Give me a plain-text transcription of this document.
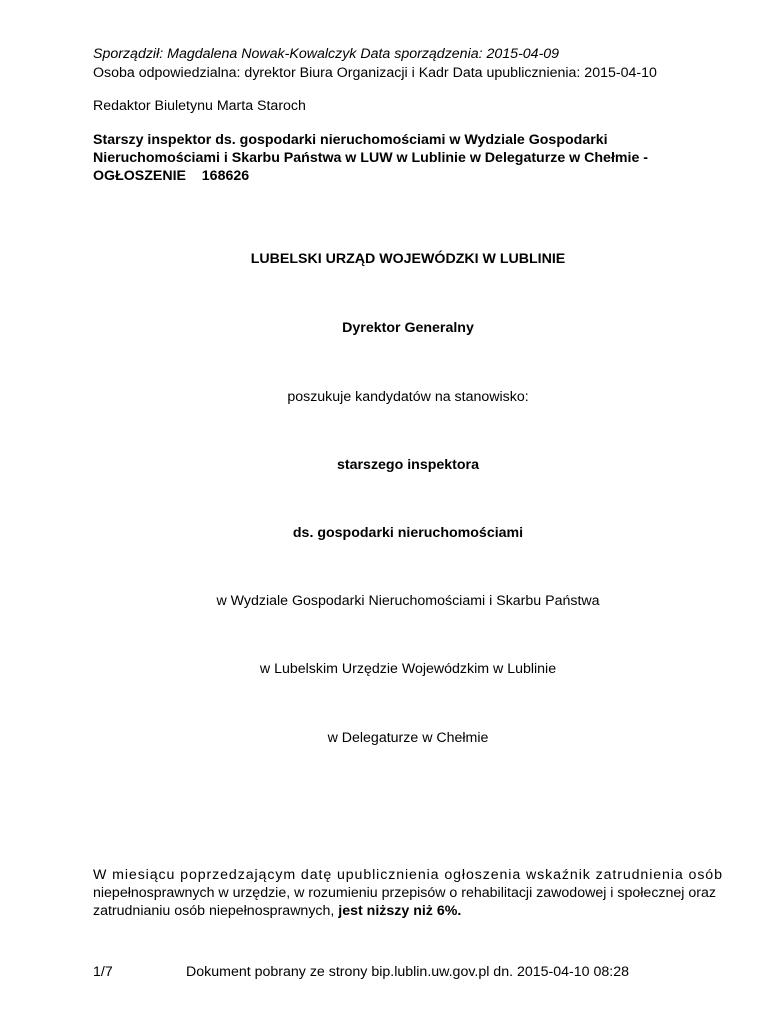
Sporządził: Magdalena Nowak-Kowalczyk Data sporządzenia: 2015-04-09
Osoba odpowiedzialna: dyrektor Biura Organizacji i Kadr Data upublicznienia: 2015-04-10
Redaktor Biuletynu Marta Staroch
Starszy inspektor ds. gospodarki nieruchomościami w Wydziale Gospodarki
Nieruchomościami i Skarbu Państwa w LUW w Lublinie w Delegaturze w Chełmie -
OGŁOSZENIE    168626
LUBELSKI URZĄD WOJEWÓDZKI W LUBLINIE
Dyrektor Generalny
poszukuje kandydatów na stanowisko:
starszego inspektora
ds. gospodarki nieruchomościami
w Wydziale Gospodarki Nieruchomościami i Skarbu Państwa
w Lubelskim Urzędzie Wojewódzkim w Lublinie
w Delegaturze w Chełmie
W miesiącu poprzedzającym datę upublicznienia ogłoszenia wskaźnik zatrudnienia osób
niepełnosprawnych w urzędzie, w rozumieniu przepisów o rehabilitacji zawodowej i społecznej oraz
zatrudnianiu osób niepełnosprawnych, jest niższy niż 6%.
1/7	Dokument pobrany ze strony bip.lublin.uw.gov.pl dn. 2015-04-10 08:28
